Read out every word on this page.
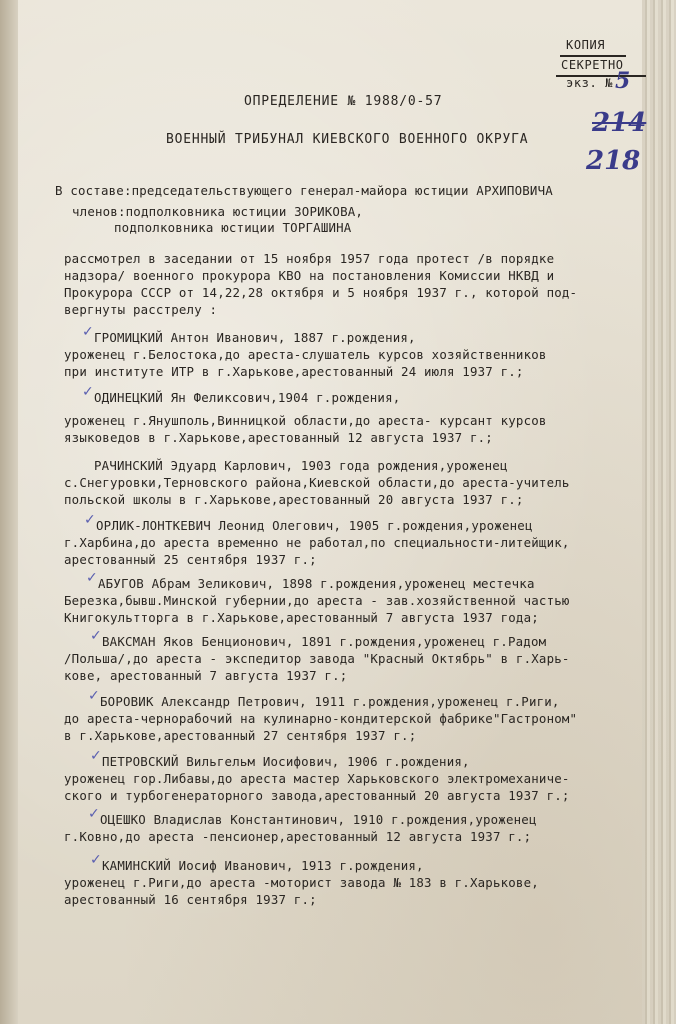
КОПИЯ
СЕКРЕТНО
экз. № 5
214
218
ОПРЕДЕЛЕНИЕ № 1988/0-57
ВОЕННЫЙ ТРИБУНАЛ КИЕВСКОГО ВОЕННОГО ОКРУГА
В составе:председательствующего генерал-майора юстиции АРХИПОВИЧА
членов:подполковника юстиции ЗОРИКОВА,
подполковника юстиции ТОРГАШИНА
рассмотрел в заседании от 15 ноября 1957 года протест /в порядке
надзора/ военного прокурора КВО на постановления Комиссии НКВД и
Прокурора СССР от 14,22,28 октября и 5 ноября 1937 г., которой под-
вергнуты расстрелу :
✓ ГРОМИЦКИЙ Антон Иванович, 1887 г.рождения,
уроженец г.Белостока,до ареста-слушатель курсов хозяйственников
при институте ИТР в г.Харькове,арестованный 24 июля 1937 г.;
✓ ОДИНЕЦКИЙ Ян Феликсович,1904 г.рождения,
уроженец г.Янушполь,Винницкой области,до ареста- курсант курсов
языковедов в г.Харькове,арестованный 12 августа 1937 г.;
РАЧИНСКИЙ Эдуард Карлович, 1903 года рождения,уроженец
с.Снегуровки,Терновского района,Киевской области,до ареста-учитель
польской школы в г.Харькове,арестованный 20 августа 1937 г.;
✓ ОРЛИК-ЛОНТКЕВИЧ Леонид Олегович, 1905 г.рождения,уроженец
г.Харбина,до ареста временно не работал,по специальности-литейщик,
арестованный 25 сентября 1937 г.;
✓ АБУГОВ Абрам Зеликович, 1898 г.рождения,уроженец местечка
Березка,бывш.Минской губернии,до ареста - зав.хозяйственной частью
Книгокультторга в г.Харькове,арестованный 7 августа 1937 года;
✓ ВАКСМАН Яков Бенционович, 1891 г.рождения,уроженец г.Радом
/Польша/,до ареста - экспедитор завода "Красный Октябрь" в г.Харь-
кове, арестованный 7 августа 1937 г.;
✓ БОРОВИК Александр Петрович, 1911 г.рождения,уроженец г.Риги,
до ареста-чернорабочий на кулинарно-кондитерской фабрике"Гастроном"
в г.Харькове,арестованный 27 сентября 1937 г.;
✓ ПЕТРОВСКИЙ Вильгельм Иосифович, 1906 г.рождения,
уроженец гор.Либавы,до ареста мастер Харьковского электромеханиче-
ского и турбогенераторного завода,арестованный 20 августа 1937 г.;
✓ ОЦЕШКО Владислав Константинович, 1910 г.рождения,уроженец
г.Ковно,до ареста -пенсионер,арестованный 12 августа 1937 г.;
✓ КАМИНСКИЙ Иосиф Иванович, 1913 г.рождения,
уроженец г.Риги,до ареста -моторист завода № 183 в г.Харькове,
арестованный 16 сентября 1937 г.;
